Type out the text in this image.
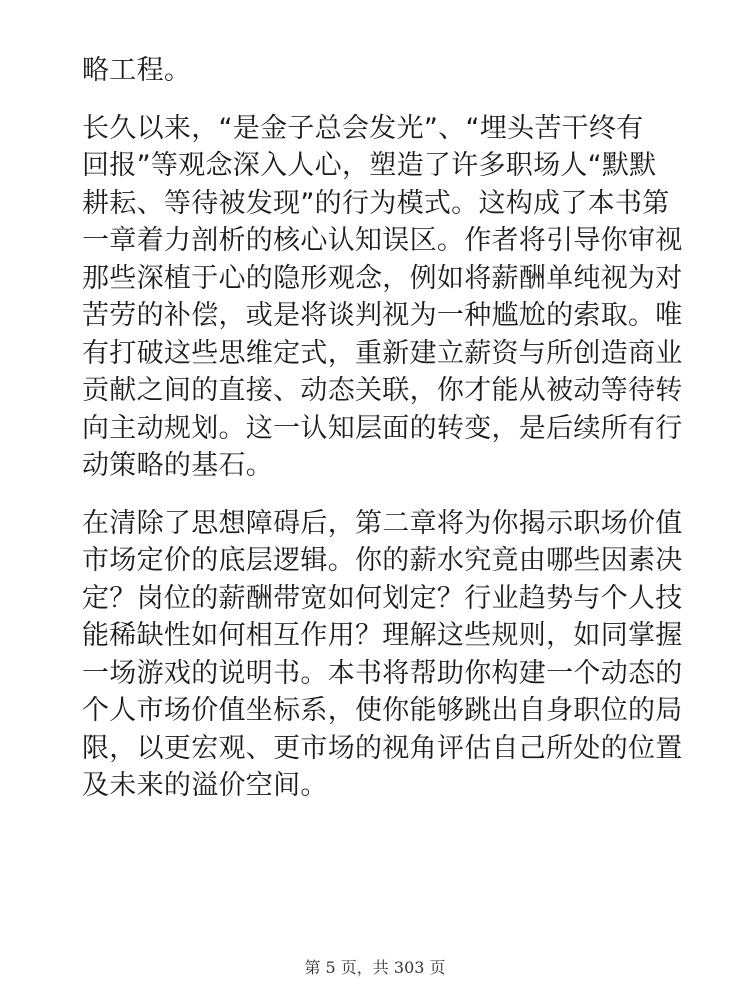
略工程。

长久以来，“是金子总会发光”、“埋头苦干终有
回报”等观念深入人心，塑造了许多职场人“默默
耕耘、等待被发现”的行为模式。这构成了本书第
一章着力剖析的核心认知误区。作者将引导你审视
那些深植于心的隐形观念，例如将薪酬单纯视为对
苦劳的补偿，或是将谈判视为一种尴尬的索取。唯
有打破这些思维定式，重新建立薪资与所创造商业
贡献之间的直接、动态关联，你才能从被动等待转
向主动规划。这一认知层面的转变，是后续所有行
动策略的基石。

在清除了思想障碍后，第二章将为你揭示职场价值
市场定价的底层逻辑。你的薪水究竟由哪些因素决
定？岗位的薪酬带宽如何划定？行业趋势与个人技
能稀缺性如何相互作用？理解这些规则，如同掌握
一场游戏的说明书。本书将帮助你构建一个动态的
个人市场价值坐标系，使你能够跳出自身职位的局
限，以更宏观、更市场的视角评估自己所处的位置
及未来的溢价空间。

第 5 页，共 303 页
